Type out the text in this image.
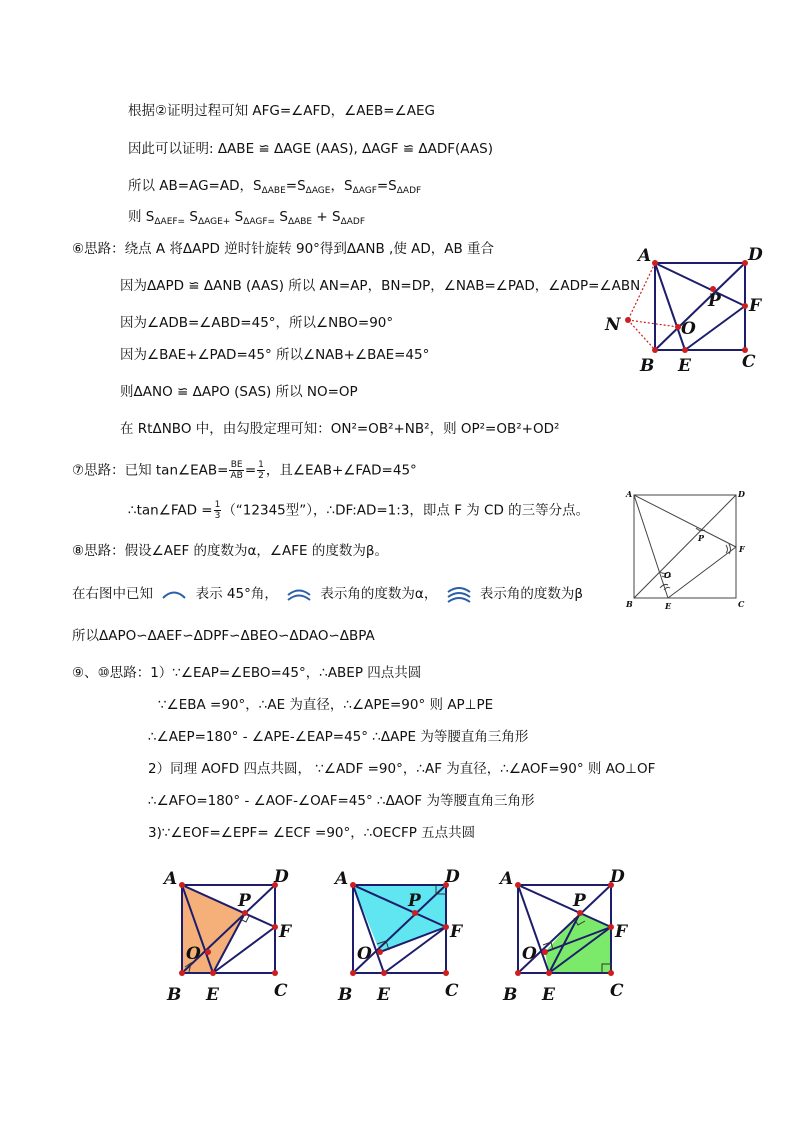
根据②证明过程可知 AFG=∠AFD，∠AEB=∠AEG
因此可以证明: ΔABE ≌ ΔAGE (AAS), ΔAGF ≌ ΔADF(AAS)
所以 AB=AG=AD，$S_{\Delta ABE}=S_{\Delta AGE}$，$S_{\Delta AGF}=S_{\Delta ADF}$
则 $S_{\Delta AEF=}$ $S_{\Delta AGE+}$ $S_{\Delta AGF=}$ $S_{\Delta ABE} + S_{\Delta ADF}$
⑥思路：绕点 A 将ΔAPD 逆时针旋转 90°得到ΔANB ,使 AD，AB 重合
因为ΔAPD ≌ ΔANB (AAS) 所以 AN=AP，BN=DP，∠NAB=∠PAD，∠ADP=∠ABN
因为∠ADB=∠ABD=45°，所以∠NBO=90°
因为∠BAE+∠PAD=45° 所以∠NAB+∠BAE=45°
则ΔANO ≌ ΔAPO (SAS) 所以 NO=OP
在 RtΔNBO 中，由勾股定理可知：ON²=OB²+NB²，则 OP²=OB²+OD²
A	D
F
P
O
N
B E	C
⑦思路：已知 tan∠EAB= $\frac{BE}{AB} = \frac{1}{2}$ ，且∠EAB+∠FAD=45°
∴tan∠FAD = $\frac{1}{3}$ （“12345型”），∴DF:AD=1:3，即点 F 为 CD 的三等分点。
⑧思路：假设∠AEF 的度数为α，∠AFE 的度数为β。
在右图中已知	表示 45°角，	表示角的度数为α，	表示角的度数为β
所以ΔAPO∽ΔAEF∽ΔDPF∽ΔBEO∽ΔDAO∽ΔBPA
A	D
F
P
O
B	E	C
⑨、⑩思路：1）∵∠EAP=∠EBO=45°，∴ABEP 四点共圆
∵∠EBA =90°，∴AE 为直径，∴∠APE=90° 则 AP⊥PE
∴∠AEP=180° - ∠APE-∠EAP=45° ∴ΔAPE 为等腰直角三角形
2）同理 AOFD 四点共圆， ∵∠ADF =90°，∴AF 为直径，∴∠AOF=90° 则 AO⊥OF
∴∠AFO=180° - ∠AOF-∠OAF=45° ∴ΔAOF 为等腰直角三角形
3)∵∠EOF=∠EPF= ∠ECF =90°，∴OECFP 五点共圆
A	D
F
P
O
B E	C
A	D
F
P
O
B E	C
A	D
F
P
O
B E	C
